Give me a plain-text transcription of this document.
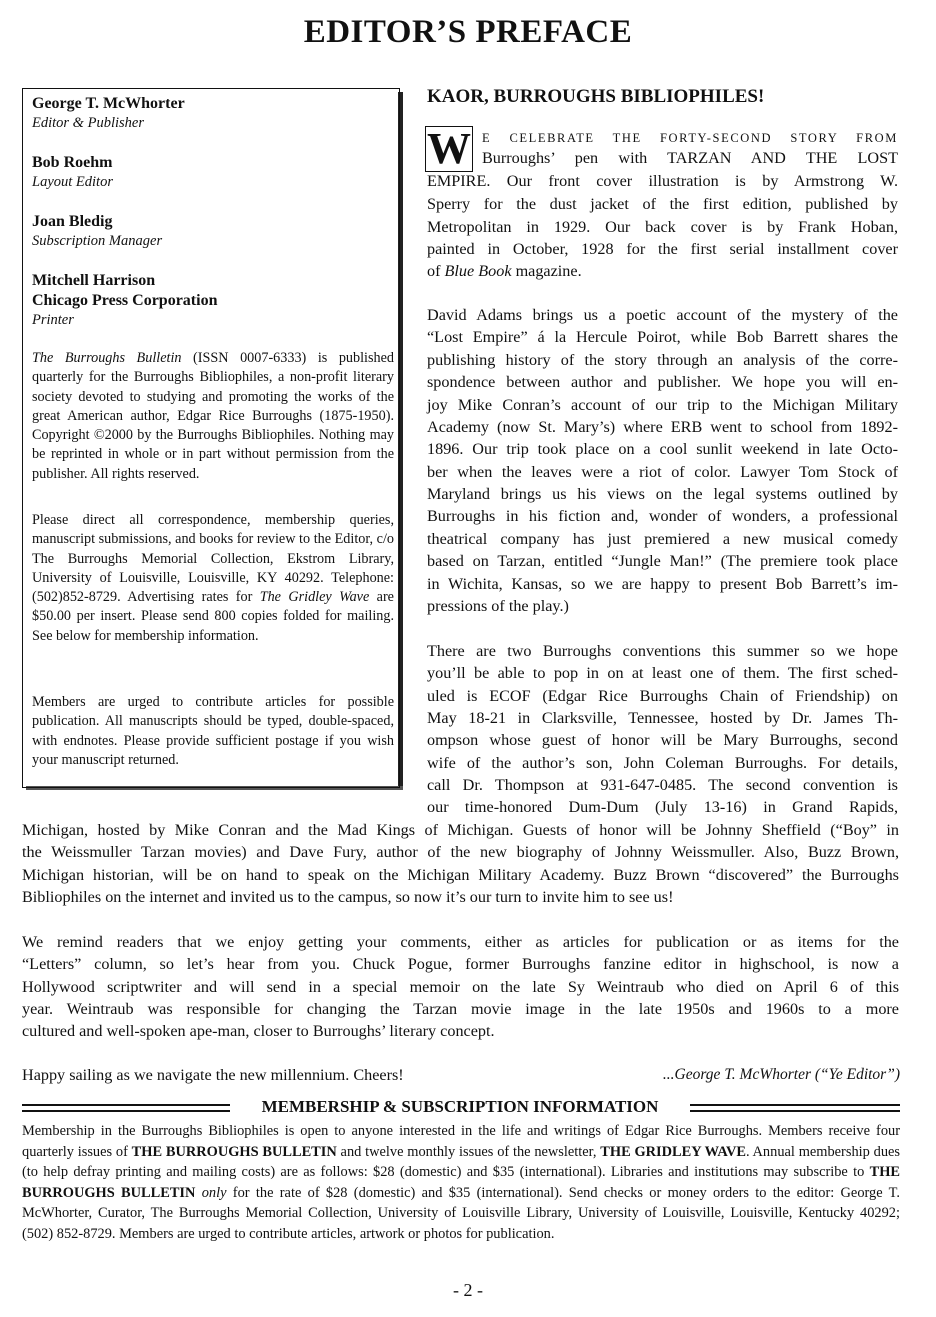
EDITOR’S PREFACE
George T. McWhorter
Editor & Publisher
Bob Roehm
Layout Editor
Joan Bledig
Subscription Manager
Mitchell Harrison
Chicago Press Corporation
Printer
The Burroughs Bulletin (ISSN 0007-6333) is published quarterly for the Burroughs Bibliophiles, a non-profit literary society devoted to studying and promoting the works of the great American author, Edgar Rice Burroughs (1875-1950). Copyright ©2000 by the Burroughs Bibliophiles. Nothing may be reprinted in whole or in part without permission from the publisher. All rights reserved.
Please direct all correspondence, membership queries, manuscript submissions, and books for review to the Editor, c/o The Burroughs Memorial Collection, Ekstrom Library, University of Louisville, Louisville, KY 40292. Telephone: (502)852-8729. Advertising rates for The Gridley Wave are $50.00 per insert. Please send 800 copies folded for mailing. See below for membership information.
Members are urged to contribute articles for possible publication. All manuscripts should be typed, double-spaced, with endnotes. Please provide sufficient postage if you wish your manuscript returned.
KAOR, BURROUGHS BIBLIOPHILES!
W E CELEBRATE THE FORTY-SECOND STORY FROM
Burroughs’ pen with TARZAN AND THE LOST
EMPIRE. Our front cover illustration is by Armstrong W.
Sperry for the dust jacket of the first edition, published by
Metropolitan in 1929. Our back cover is by Frank Hoban,
painted in October, 1928 for the first serial installment cover
of Blue Book magazine.
David Adams brings us a poetic account of the mystery of the
“Lost Empire” á la Hercule Poirot, while Bob Barrett shares the
publishing history of the story through an analysis of the corre-
spondence between author and publisher. We hope you will en-
joy Mike Conran’s account of our trip to the Michigan Military
Academy (now St. Mary’s) where ERB went to school from 1892-
1896. Our trip took place on a cool sunlit weekend in late Octo-
ber when the leaves were a riot of color. Lawyer Tom Stock of
Maryland brings us his views on the legal systems outlined by
Burroughs in his fiction and, wonder of wonders, a professional
theatrical company has just premiered a new musical comedy
based on Tarzan, entitled “Jungle Man!” (The premiere took place
in Wichita, Kansas, so we are happy to present Bob Barrett’s im-
pressions of the play.)
There are two Burroughs conventions this summer so we hope
you’ll be able to pop in on at least one of them. The first sched-
uled is ECOF (Edgar Rice Burroughs Chain of Friendship) on
May 18-21 in Clarksville, Tennessee, hosted by Dr. James Th-
ompson whose guest of honor will be Mary Burroughs, second
wife of the author’s son, John Coleman Burroughs. For details,
call Dr. Thompson at 931-647-0485. The second convention is
our time-honored Dum-Dum (July 13-16) in Grand Rapids,
Michigan, hosted by Mike Conran and the Mad Kings of Michigan. Guests of honor will be Johnny Sheffield (“Boy” in
the Weissmuller Tarzan movies) and Dave Fury, author of the new biography of Johnny Weissmuller. Also, Buzz Brown,
Michigan historian, will be on hand to speak on the Michigan Military Academy. Buzz Brown “discovered” the Burroughs
Bibliophiles on the internet and invited us to the campus, so now it’s our turn to invite him to see us!
We remind readers that we enjoy getting your comments, either as articles for publication or as items for the
“Letters” column, so let’s hear from you. Chuck Pogue, former Burroughs fanzine editor in highschool, is now a
Hollywood scriptwriter and will send in a special memoir on the late Sy Weintraub who died on April 6 of this
year. Weintraub was responsible for changing the Tarzan movie image in the late 1950s and 1960s to a more
cultured and well-spoken ape-man, closer to Burroughs’ literary concept.
Happy sailing as we navigate the new millennium. Cheers!	...George T. McWhorter (“Ye Editor”)
MEMBERSHIP & SUBSCRIPTION INFORMATION
Membership in the Burroughs Bibliophiles is open to anyone interested in the life and writings of Edgar Rice Burroughs. Members receive four quarterly issues of THE BURROUGHS BULLETIN and twelve monthly issues of the newsletter, THE GRIDLEY WAVE. Annual membership dues (to help defray printing and mailing costs) are as follows: $28 (domestic) and $35 (international). Libraries and institutions may subscribe to THE BURROUGHS BULLETIN only for the rate of $28 (domestic) and $35 (international). Send checks or money orders to the editor: George T. McWhorter, Curator, The Burroughs Memorial Collection, University of Louisville Library, University of Louisville, Louisville, Kentucky 40292; (502) 852-8729. Members are urged to contribute articles, artwork or photos for publication.
- 2 -
